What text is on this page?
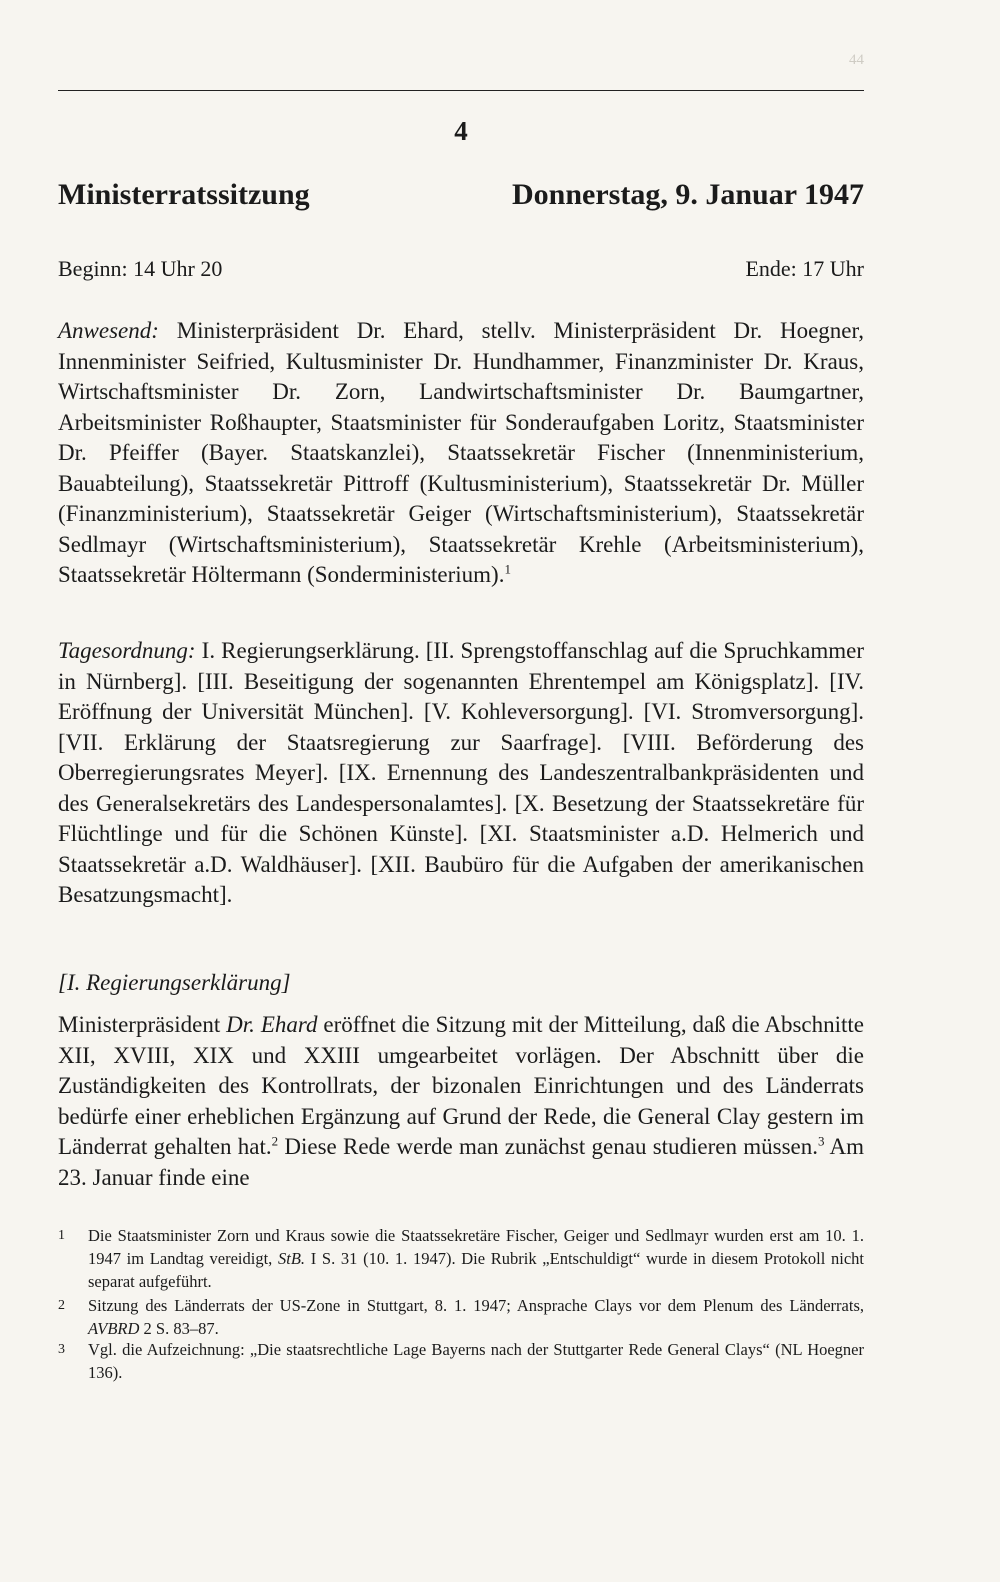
44
4
Ministerratssitzung	Donnerstag, 9. Januar 1947
Beginn: 14 Uhr 20	Ende: 17 Uhr
Anwesend: Ministerpräsident Dr. Ehard, stellv. Ministerpräsident Dr. Hoegner, Innenminister Seifried, Kultusminister Dr. Hundhammer, Finanzminister Dr. Kraus, Wirtschaftsminister Dr. Zorn, Landwirtschaftsminister Dr. Baumgartner, Arbeitsminister Roßhaupter, Staatsminister für Sonderaufgaben Loritz, Staatsminister Dr. Pfeiffer (Bayer. Staatskanzlei), Staatssekretär Fischer (Innenministerium, Bauabteilung), Staatssekretär Pittroff (Kultusministerium), Staatssekretär Dr. Müller (Finanzministerium), Staatssekretär Geiger (Wirtschaftsministerium), Staatssekretär Sedlmayr (Wirtschaftsministerium), Staatssekretär Krehle (Arbeitsministerium), Staatssekretär Höltermann (Sonderministerium).$^1$
Tagesordnung: I. Regierungserklärung. [II. Sprengstoffanschlag auf die Spruchkammer in Nürnberg]. [III. Beseitigung der sogenannten Ehrentempel am Königsplatz]. [IV. Eröffnung der Universität München]. [V. Kohleversorgung]. [VI. Stromversorgung]. [VII. Erklärung der Staatsregierung zur Saarfrage]. [VIII. Beförderung des Oberregierungsrates Meyer]. [IX. Ernennung des Landeszentralbankpräsidenten und des Generalsekretärs des Landespersonalamtes]. [X. Besetzung der Staatssekretäre für Flüchtlinge und für die Schönen Künste]. [XI. Staatsminister a.D. Helmerich und Staatssekretär a.D. Waldhäuser]. [XII. Baubüro für die Aufgaben der amerikanischen Besatzungsmacht].
[I. Regierungserklärung]
Ministerpräsident Dr. Ehard eröffnet die Sitzung mit der Mitteilung, daß die Abschnitte XII, XVIII, XIX und XXIII umgearbeitet vorlägen. Der Abschnitt über die Zuständigkeiten des Kontrollrats, der bizonalen Einrichtungen und des Länderrats bedürfe einer erheblichen Ergänzung auf Grund der Rede, die General Clay gestern im Länderrat gehalten hat.$^2$ Diese Rede werde man zunächst genau studieren müssen.$^3$ Am 23. Januar finde eine
1 Die Staatsminister Zorn und Kraus sowie die Staatssekretäre Fischer, Geiger und Sedlmayr wurden erst am 10. 1. 1947 im Landtag vereidigt, StB. I S. 31 (10. 1. 1947). Die Rubrik „Entschuldigt“ wurde in diesem Protokoll nicht separat aufgeführt.
2 Sitzung des Länderrats der US-Zone in Stuttgart, 8. 1. 1947; Ansprache Clays vor dem Plenum des Länderrats, AVBRD 2 S. 83–87.
3 Vgl. die Aufzeichnung: „Die staatsrechtliche Lage Bayerns nach der Stuttgarter Rede General Clays“ (NL Hoegner 136).
